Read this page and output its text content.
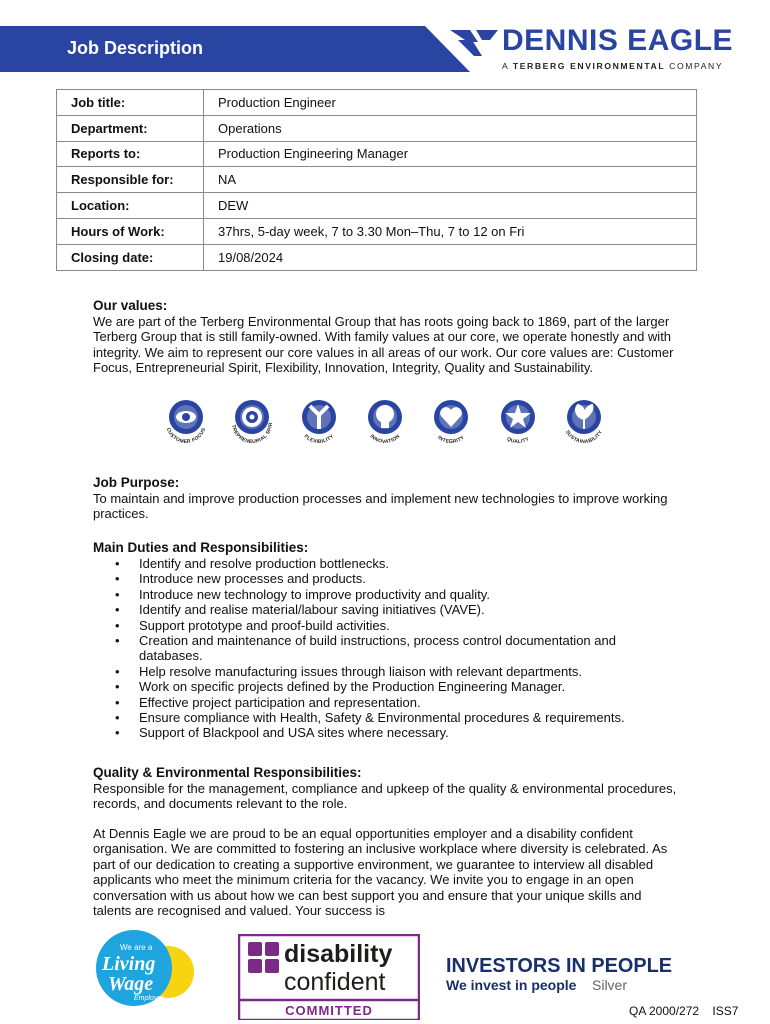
Job Description	DENNIS EAGLE
A TERBERG ENVIRONMENTAL COMPANY
Job title:	Production Engineer
Department:	Operations
Reports to:	Production Engineering Manager
Responsible for:	NA
Location:	DEW
Hours of Work:	37hrs, 5-day week, 7 to 3.30 Mon–Thu, 7 to 12 on Fri
Closing date:	19/08/2024
Our values:

We are part of the Terberg Environmental Group that has roots going back to 1869, part of the larger Terberg Group that is still family-owned. With family values at our core, we operate honestly and with integrity. We aim to represent our core values in all areas of our work. Our core values are: Customer Focus, Entrepreneurial Spirit, Flexibility, Innovation, Integrity, Quality and Sustainability.

CUSTOMER FOCUS
TREPRENEURIAL SPIR
FLEXIBILITY	INNOVATION	INTEGRITY	QUALITY
SUSTAINABILITY
Job Purpose:

To maintain and improve production processes and implement new technologies to improve working practices.

Main Duties and Responsibilities:
• Identify and resolve production bottlenecks.
• Introduce new processes and products.
• Introduce new technology to improve productivity and quality.
• Identify and realise material/labour saving initiatives (VAVE).
• Support prototype and proof-build activities.
• Creation and maintenance of build instructions, process control documentation and databases.
• Help resolve manufacturing issues through liaison with relevant departments.
• Work on specific projects defined by the Production Engineering Manager.
• Effective project participation and representation.
• Ensure compliance with Health, Safety & Environmental procedures & requirements.
• Support of Blackpool and USA sites where necessary.
Quality & Environmental Responsibilities:

Responsible for the management, compliance and upkeep of the quality & environmental procedures, records, and documents relevant to the role.

At Dennis Eagle we are proud to be an equal opportunities employer and a disability confident organisation. We are committed to fostering an inclusive workplace where diversity is celebrated. As part of our dedication to creating a supportive environment, we guarantee to interview all disabled applicants who meet the minimum criteria for the vacancy. We invite you to engage in an open conversation with us about how we can best support you and ensure that your unique skills and talents are recognised and valued. Your success is

We are a
Living
Wage
Employer
disability
confident
COMMITTED
INVESTORS IN PEOPLE
We invest in people Silver
QA 2000/272    ISS7
